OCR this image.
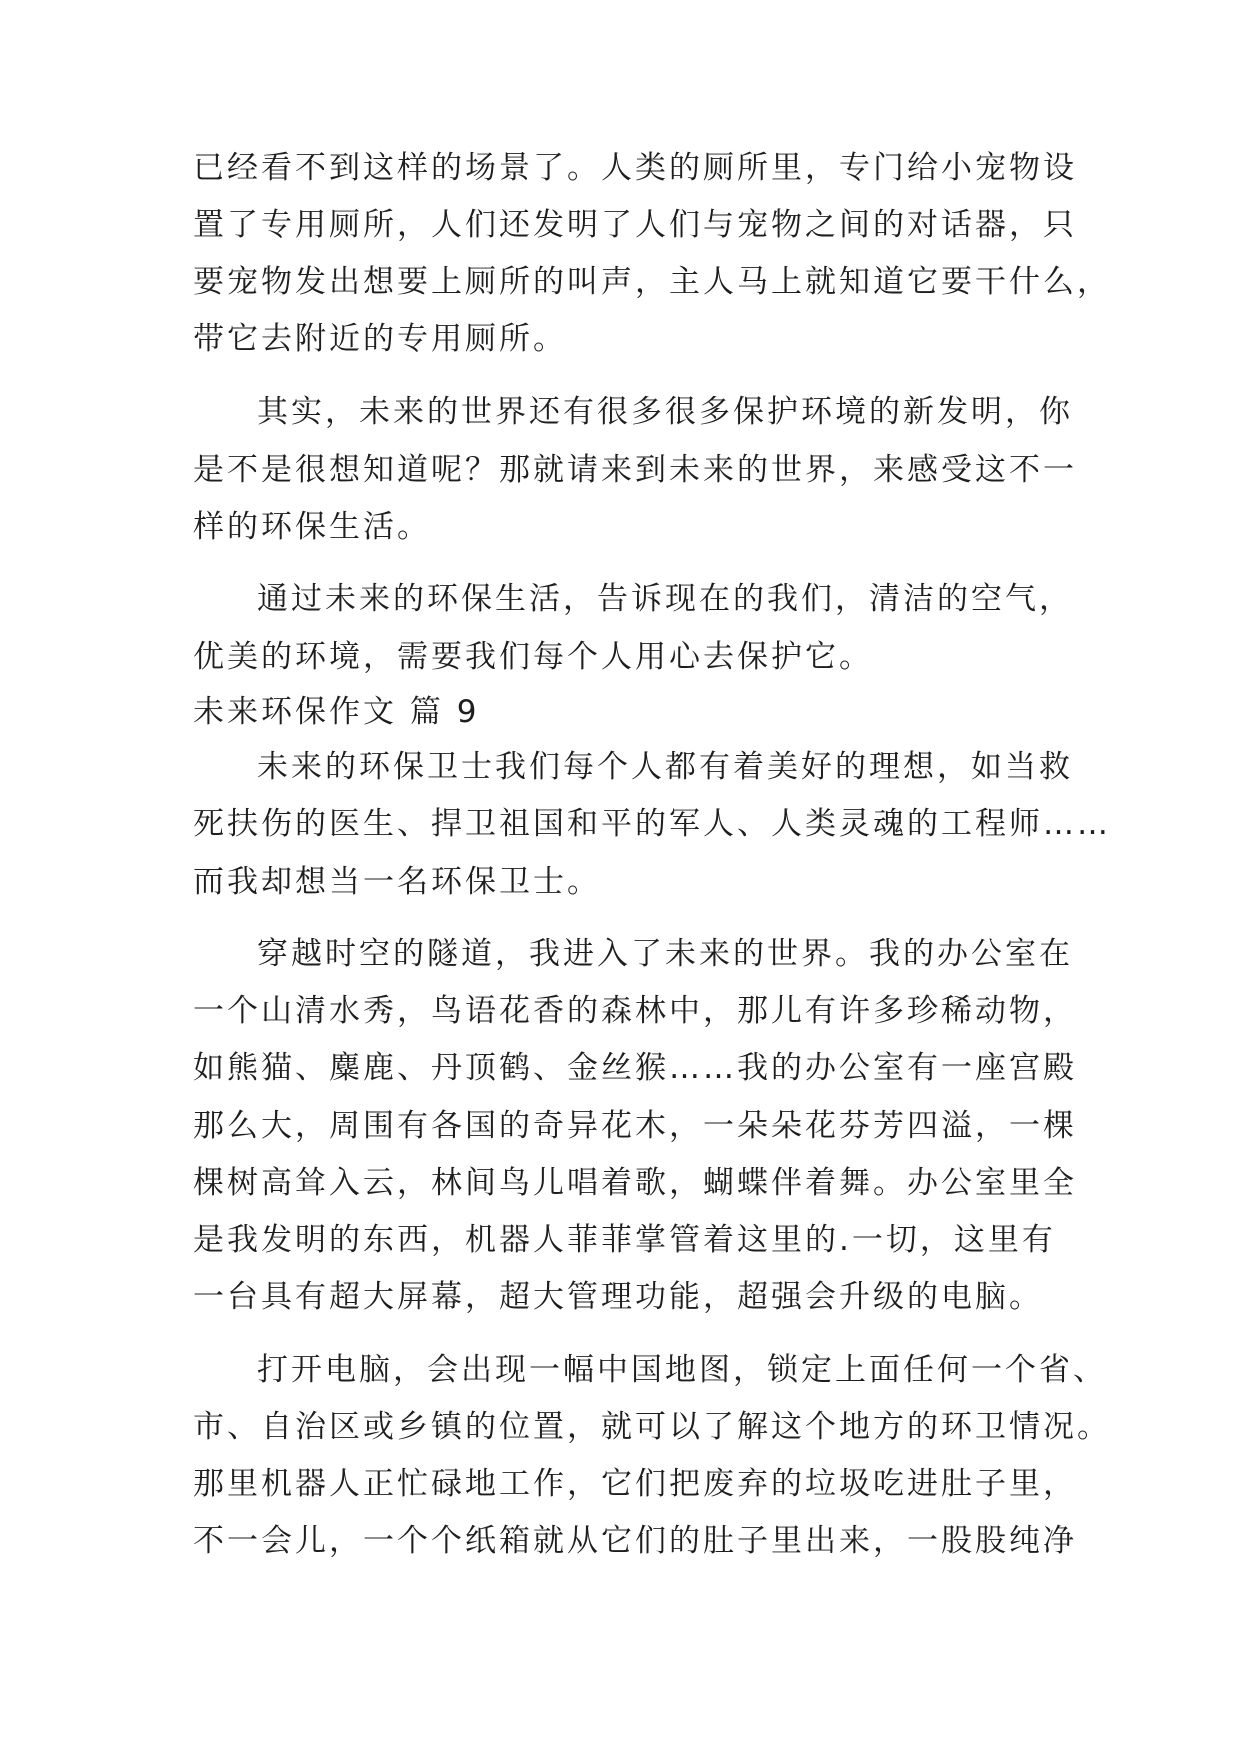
已经看不到这样的场景了。人类的厕所里，专门给小宠物设
置了专用厕所，人们还发明了人们与宠物之间的对话器，只
要宠物发出想要上厕所的叫声，主人马上就知道它要干什么，
带它去附近的专用厕所。
其实，未来的世界还有很多很多保护环境的新发明，你
是不是很想知道呢？那就请来到未来的世界，来感受这不一
样的环保生活。
通过未来的环保生活，告诉现在的我们，清洁的空气，
优美的环境，需要我们每个人用心去保护它。
未来环保作文 篇 9
未来的环保卫士我们每个人都有着美好的理想，如当救
死扶伤的医生、捍卫祖国和平的军人、人类灵魂的工程师……
而我却想当一名环保卫士。
穿越时空的隧道，我进入了未来的世界。我的办公室在
一个山清水秀，鸟语花香的森林中，那儿有许多珍稀动物，
如熊猫、麋鹿、丹顶鹤、金丝猴……我的办公室有一座宫殿
那么大，周围有各国的奇异花木，一朵朵花芬芳四溢，一棵
棵树高耸入云，林间鸟儿唱着歌，蝴蝶伴着舞。办公室里全
是我发明的东西，机器人菲菲掌管着这里的.一切，这里有
一台具有超大屏幕，超大管理功能，超强会升级的电脑。
打开电脑，会出现一幅中国地图，锁定上面任何一个省、
市、自治区或乡镇的位置，就可以了解这个地方的环卫情况。
那里机器人正忙碌地工作，它们把废弃的垃圾吃进肚子里，
不一会儿，一个个纸箱就从它们的肚子里出来，一股股纯净
